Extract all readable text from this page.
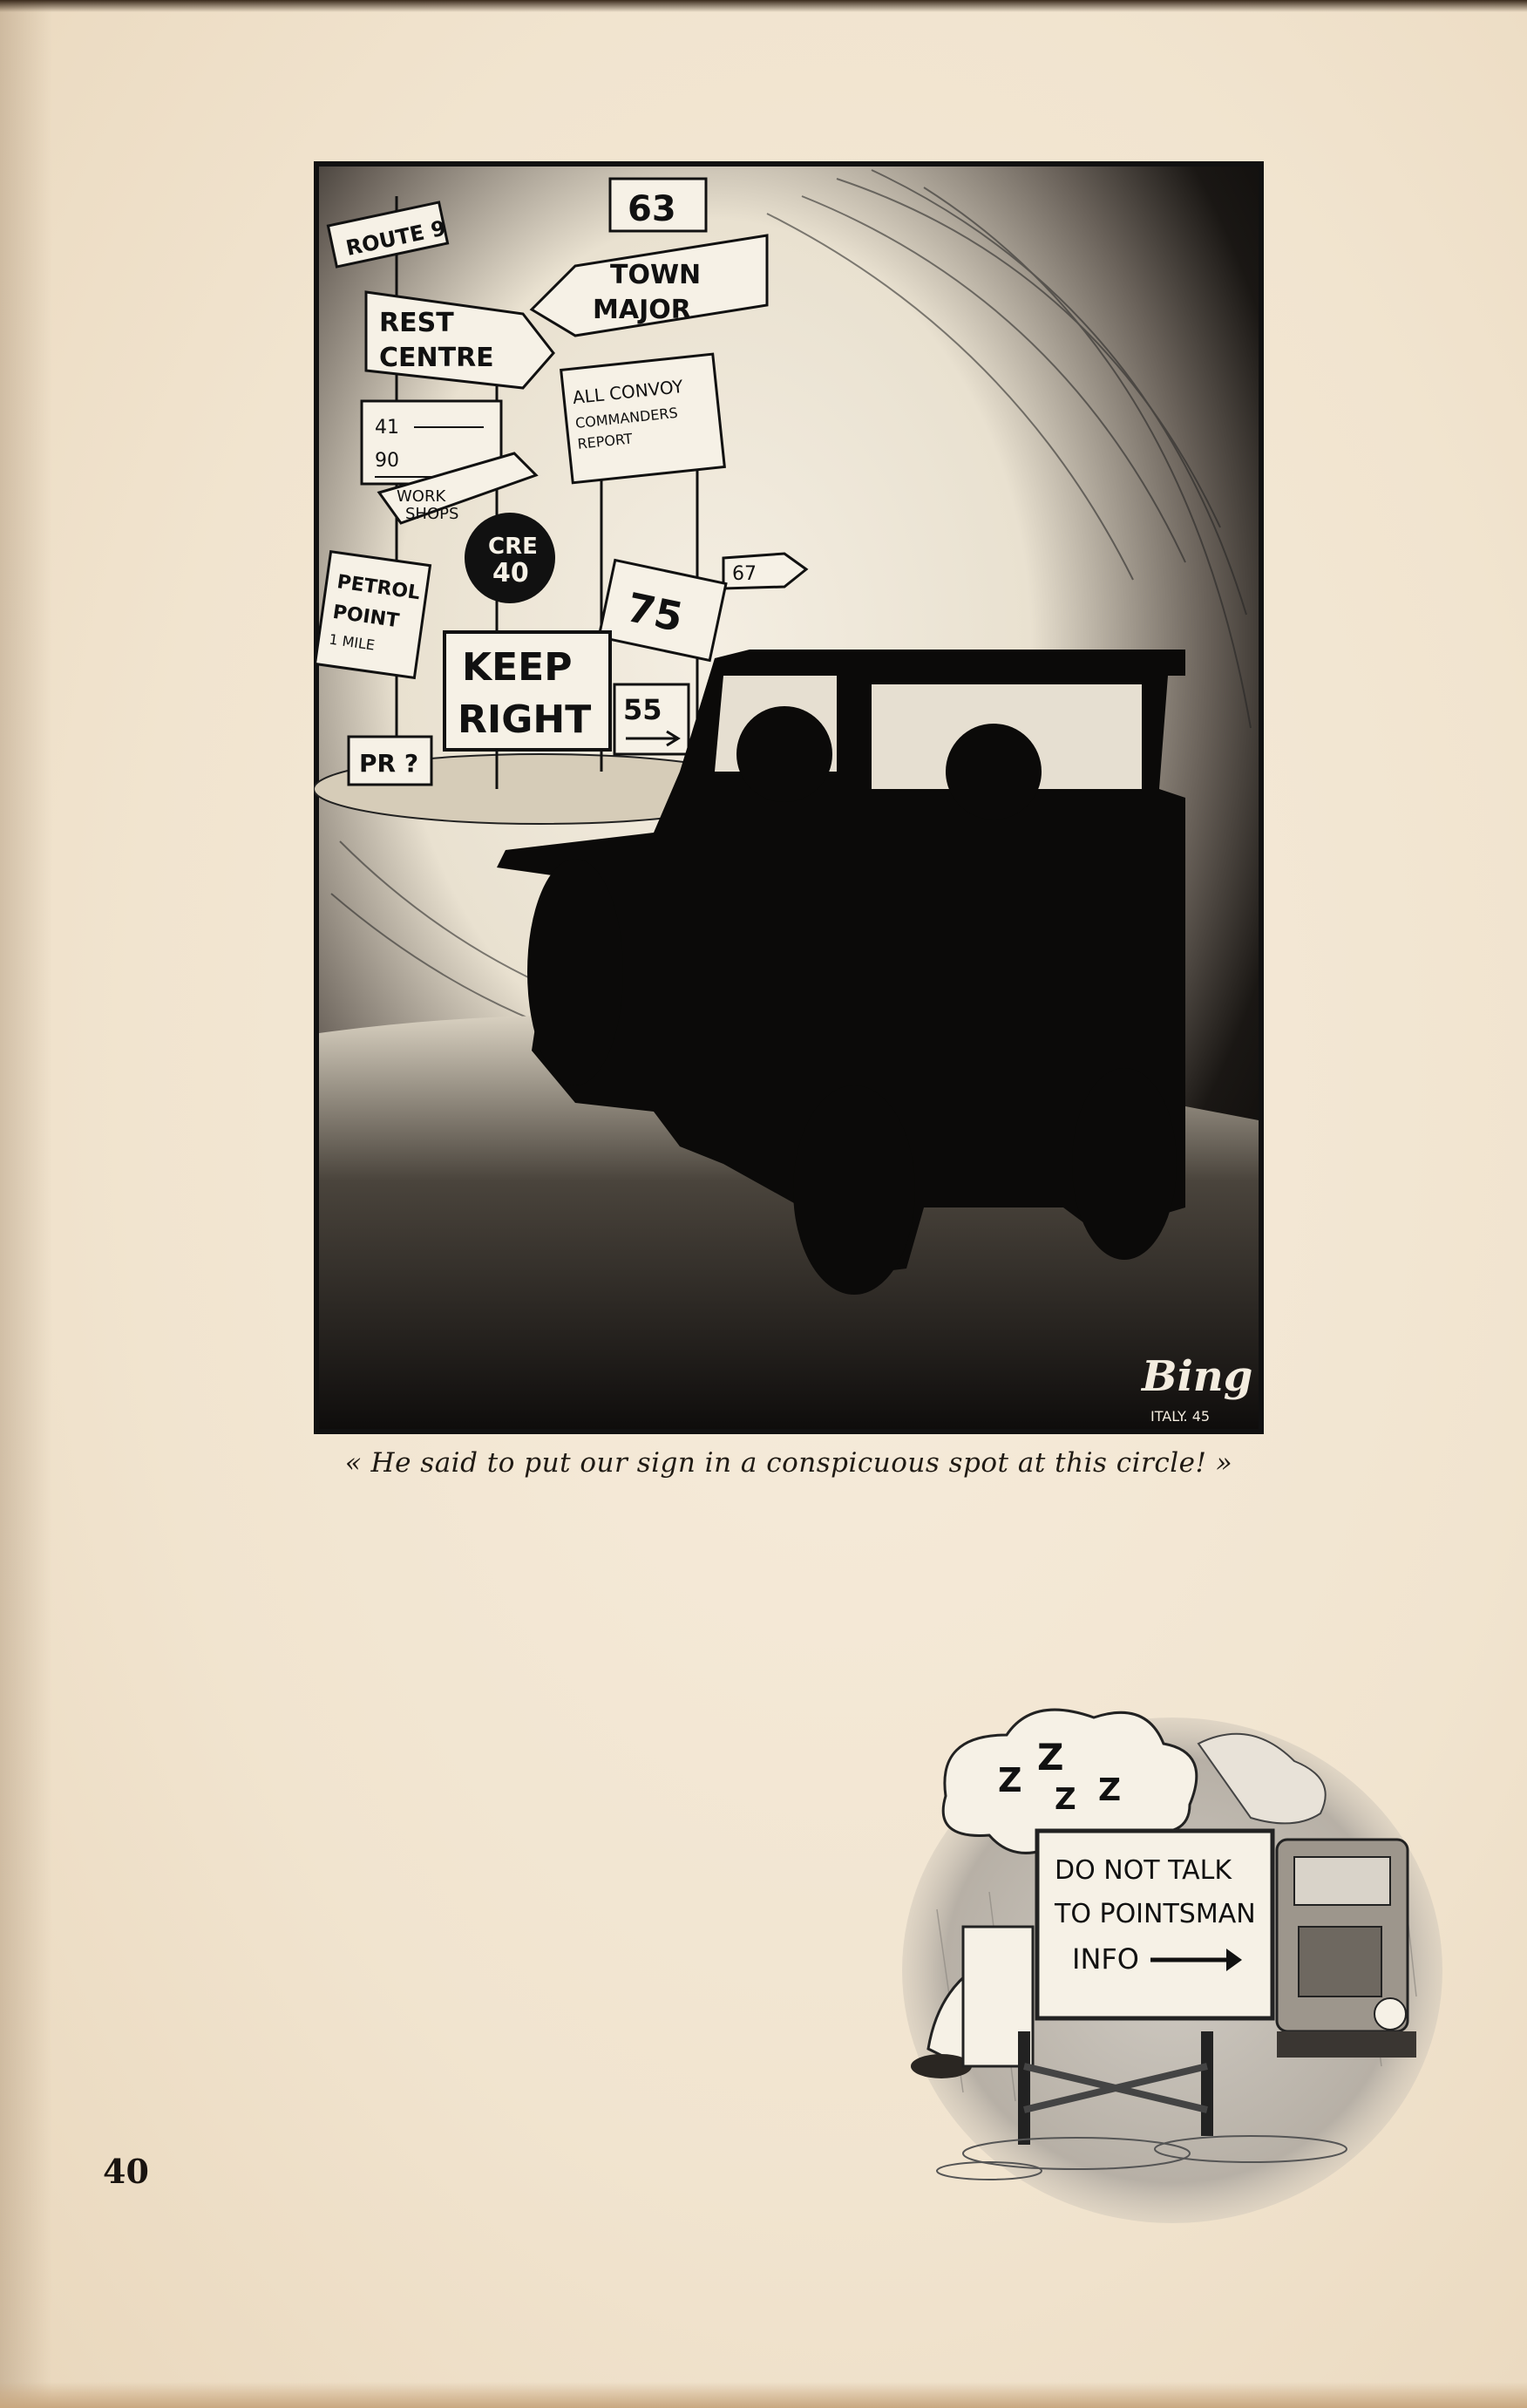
ROUTE 9
63
TOWN
MAJOR
REST
CENTRE
ALL CONVOY
COMMANDERS
REPORT
41
90
WORK
SHOPS
CRE
40	67
PETROL
POINT
1 MILE
75
KEEP
RIGHT 55
PR ?
Bing
ITALY. 45
« He said to put our sign in a conspicuous spot at this circle! »
Z
Z
Z Z
DO NOT TALK
TO POINTSMAN
INFO
40
